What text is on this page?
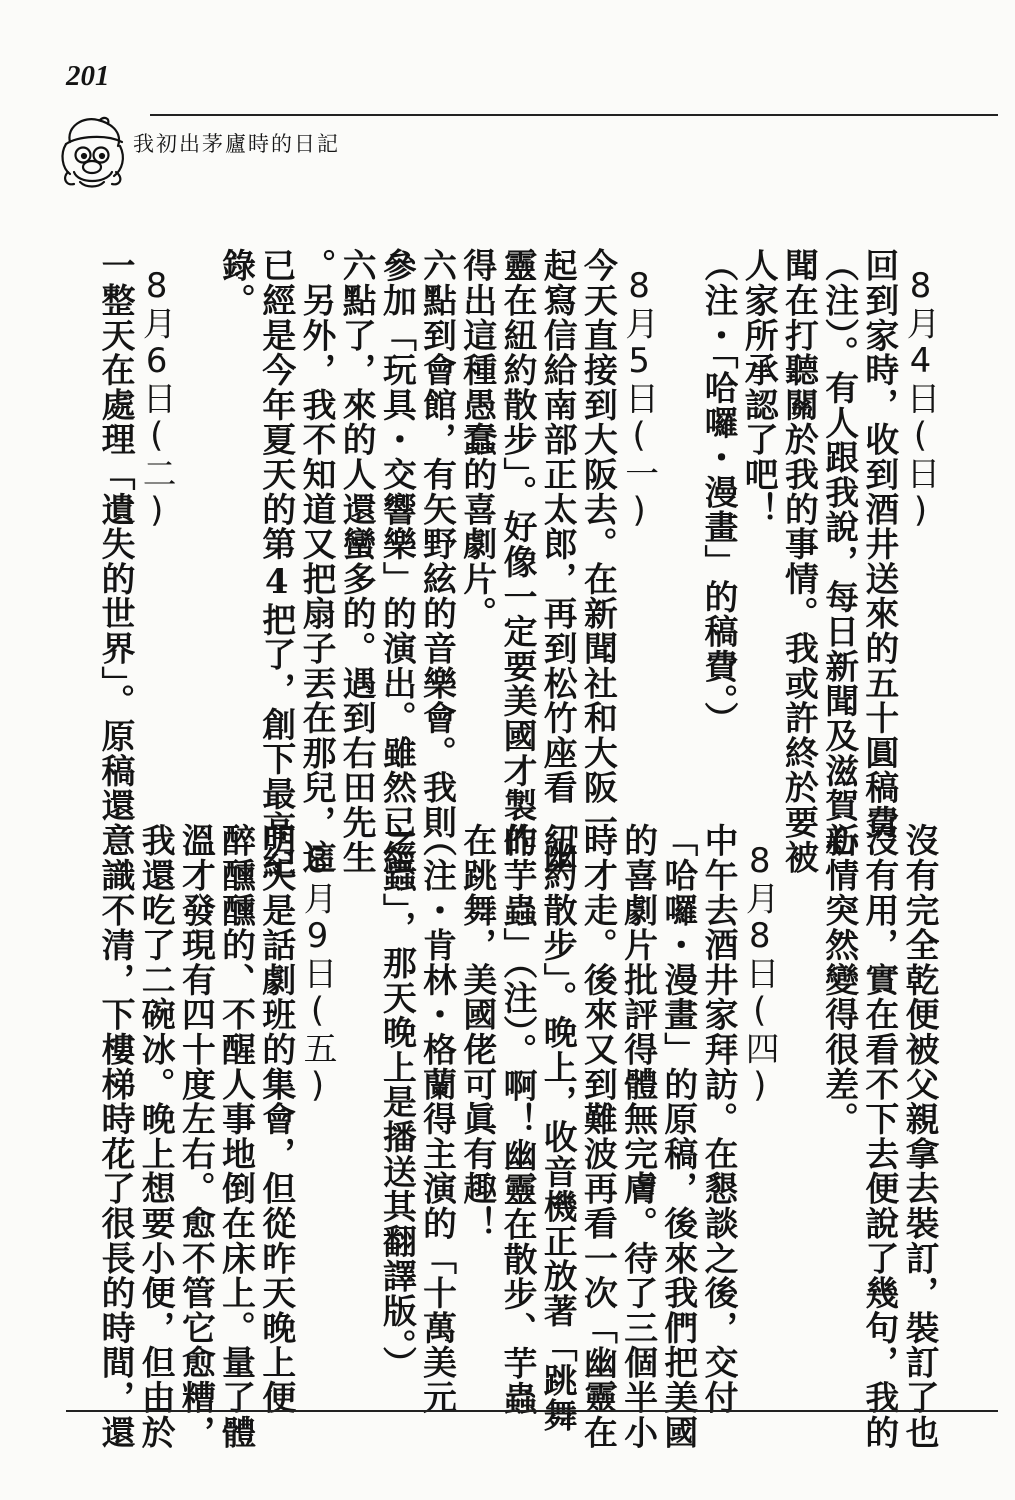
201
我初出茅廬時的日記
8月4日(日)
回到家時，收到酒井送來的五十圓稿費
（注）。有人跟我說，每日新聞及滋賀新
聞在打聽關於我的事情。我或許終於要被
人家所承認了吧！
（注・「哈囉・漫畫」的稿費。）
8月5日(一)
今天直接到大阪去。在新聞社和大阪一
起寫信給南部正太郎，再到松竹座看「幽
靈在紐約散步」。好像一定要美國才製作
得出這種愚蠢的喜劇片。
六點到會館，有矢野絃的音樂會。我則
參加「玩具・交響樂」的演出。雖然已經
六點了，來的人還蠻多的。遇到右田先生
。另外，我不知道又把扇子丟在那兒，這
已經是今年夏天的第4把了，創下最高紀
錄。
8月6日(二)
一整天在處理「遺失的世界」。原稿還
沒有完全乾便被父親拿去裝訂，裝訂了也
沒有用，實在看不下去便說了幾句，我的
心情突然變得很差。
8月8日(四)
中午去酒井家拜訪。在懇談之後，交付
「哈囉・漫畫」的原稿，後來我們把美國
的喜劇片批評得體無完膚。待了三個半小
時才走。後來又到難波再看一次「幽靈在
紐約散步」。晚上，收音機正放著「跳舞
的芋蟲」（注）。啊！幽靈在散步、芋蟲
在跳舞，美國佬可眞有趣！
（注・肯林・格蘭得主演的「十萬美元
之蟲」，那天晚上是播送其翻譯版。）
8月9日(五)
明天是話劇班的集會，但從昨天晚上便
醉醺醺的、不醒人事地倒在床上。量了體
溫才發現有四十度左右。愈不管它愈糟，
我還吃了二碗冰。晚上想要小便，但由於
意識不清，下樓梯時花了很長的時間，還
